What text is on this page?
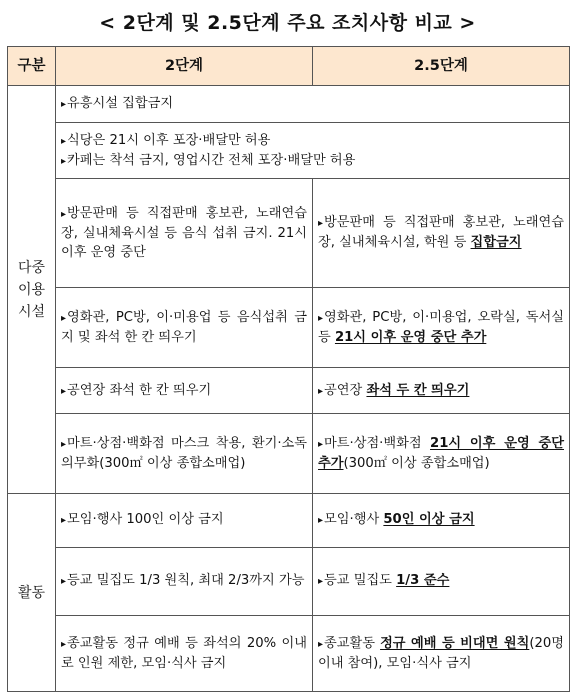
< 2단계 및 2.5단계 주요 조치사항 비교 >
구분	2단계	2.5단계
다중
이용
시설	▸유흥시설 집합금지	

	▸식당은 21시 이후 포장·배달만 허용
▸카페는 착석 금지, 영업시간 전체 포장·배달만 허용	

	▸방문판매 등 직접판매 홍보관, 노래연습장, 실내체육시설 등 음식 섭취 금지. 21시 이후 운영 중단	▸방문판매 등 직접판매 홍보관, 노래연습장, 실내체육시설, 학원 등 집합금지
	▸영화관, PC방, 이·미용업 등 음식섭취 금지 및 좌석 한 칸 띄우기	▸영화관, PC방, 이·미용업, 오락실, 독서실 등 21시 이후 운영 중단 추가
	▸공연장 좌석 한 칸 띄우기	▸공연장 좌석 두 칸 띄우기
	▸마트·상점·백화점 마스크 착용, 환기·소독 의무화(300㎡ 이상 종합소매업)	▸마트·상점·백화점 21시 이후 운영 중단 추가(300㎡ 이상 종합소매업)
활동	▸모임·행사 100인 이상 금지	▸모임·행사 50인 이상 금지
	▸등교 밀집도 1/3 원칙, 최대 2/3까지 가능	▸등교 밀집도 1/3 준수
	▸종교활동 정규 예배 등 좌석의 20% 이내로 인원 제한, 모임·식사 금지	▸종교활동 정규 예배 등 비대면 원칙(20명 이내 참여), 모임·식사 금지
